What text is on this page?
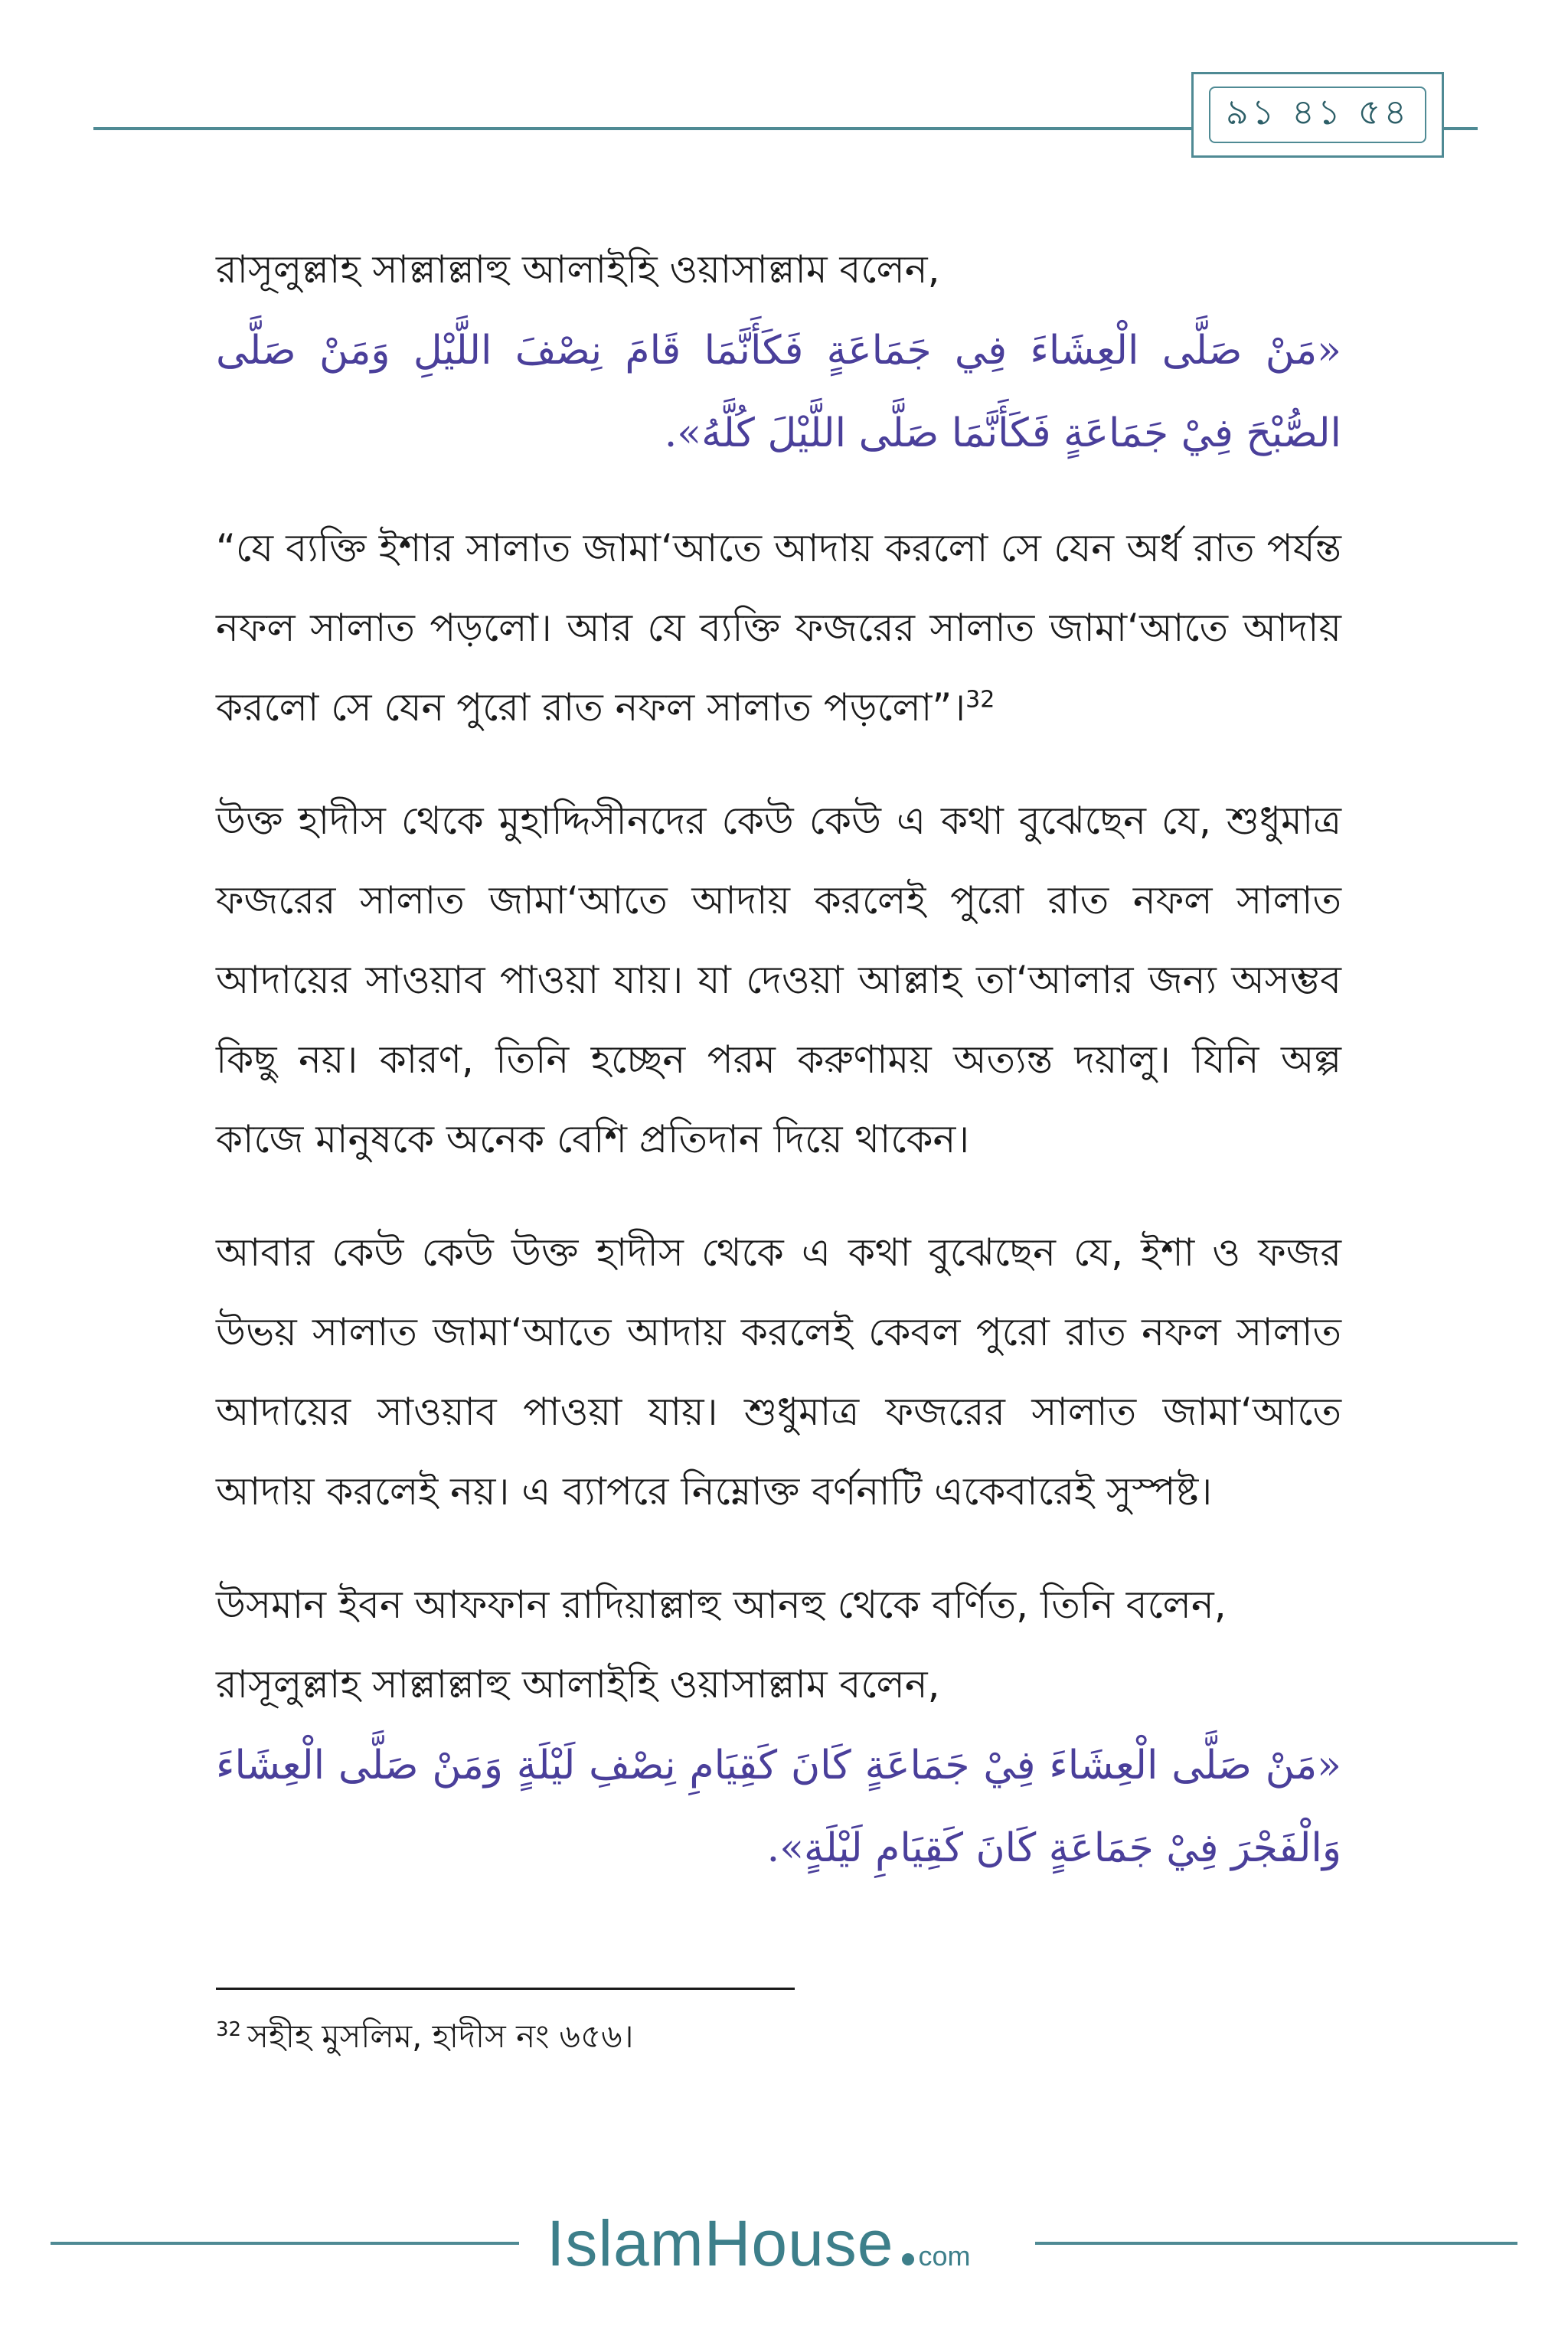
৯১ ৪১ ৫৪

রাসূলুল্লাহ সাল্লাল্লাহু আলাইহি ওয়াসাল্লাম বলেন,

«مَنْ صَلَّى الْعِشَاءَ فِي جَمَاعَةٍ فَكَأَنَّمَا قَامَ نِصْفَ اللَّيْلِ وَمَنْ صَلَّى الصُّبْحَ فِيْ جَمَاعَةٍ فَكَأَنَّمَا صَلَّى اللَّيْلَ كُلَّهُ».

“যে ব্যক্তি ইশার সালাত জামা‘আতে আদায় করলো সে যেন অর্ধ রাত পর্যন্ত নফল সালাত পড়লো। আর যে ব্যক্তি ফজরের সালাত জামা‘আতে আদায় করলো সে যেন পুরো রাত নফল সালাত পড়লো”।$^{32}$

উক্ত হাদীস থেকে মুহাদ্দিসীনদের কেউ কেউ এ কথা বুঝেছেন যে, শুধুমাত্র ফজরের সালাত জামা‘আতে আদায় করলেই পুরো রাত নফল সালাত আদায়ের সাওয়াব পাওয়া যায়। যা দেওয়া আল্লাহ তা‘আলার জন্য অসম্ভব কিছু নয়। কারণ, তিনি হচ্ছেন পরম করুণাময় অত্যন্ত দয়ালু। যিনি অল্প কাজে মানুষকে অনেক বেশি প্রতিদান দিয়ে থাকেন।

আবার কেউ কেউ উক্ত হাদীস থেকে এ কথা বুঝেছেন যে, ইশা ও ফজর উভয় সালাত জামা‘আতে আদায় করলেই কেবল পুরো রাত নফল সালাত আদায়ের সাওয়াব পাওয়া যায়। শুধুমাত্র ফজরের সালাত জামা‘আতে আদায় করলেই নয়। এ ব্যাপরে নিম্নোক্ত বর্ণনাটি একেবারেই সুস্পষ্ট।

উসমান ইবন আফফান রাদিয়াল্লাহু আনহু থেকে বর্ণিত, তিনি বলেন,

রাসূলুল্লাহ সাল্লাল্লাহু আলাইহি ওয়াসাল্লাম বলেন,

«مَنْ صَلَّى الْعِشَاءَ فِيْ جَمَاعَةٍ كَانَ كَقِيَامِ نِصْفِ لَيْلَةٍ وَمَنْ صَلَّى الْعِشَاءَ وَالْفَجْرَ فِيْ جَمَاعَةٍ كَانَ كَقِيَامِ لَيْلَةٍ».

$^{32}$ সহীহ মুসলিম, হাদীস নং ৬৫৬।
IslamHouse com
